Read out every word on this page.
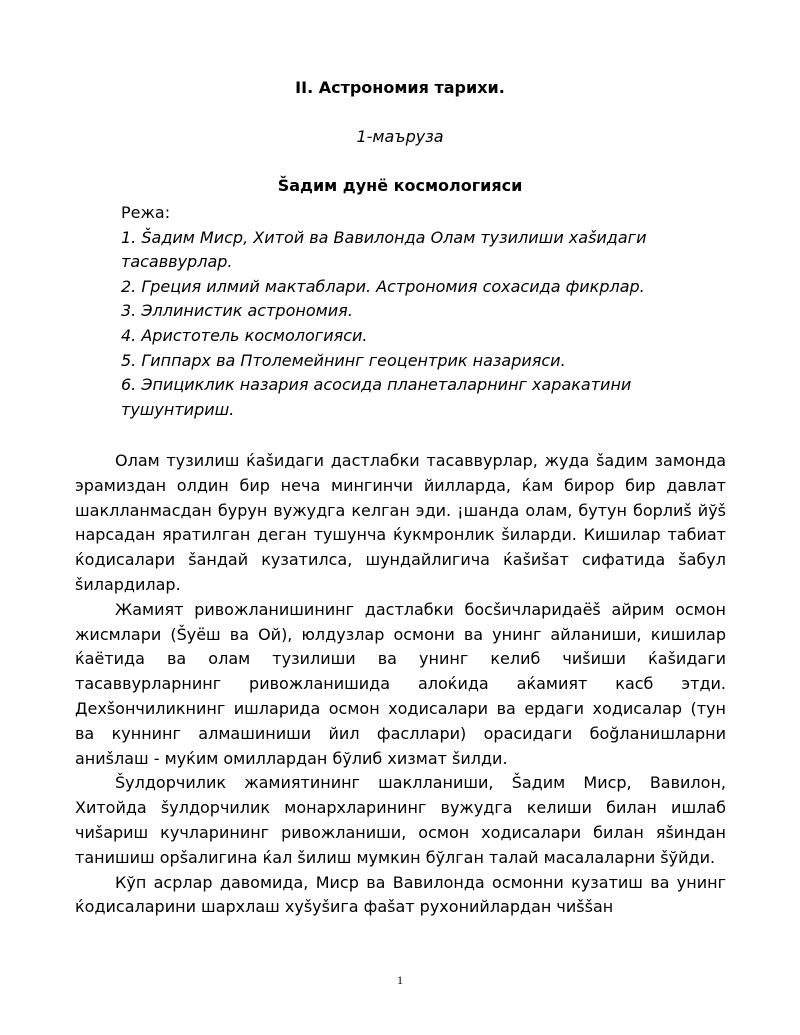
II. Астрономия тарихи.
1-маъруза
Šадим дунё космологияси
Режа:
1. Šадим Миср, Хитой ва Вавилонда Олам тузилиши хаšидаги тасаввурлар.
2. Греция илмий мактаблари. Астрономия сохасида фикрлар.
3. Эллинистик астрономия.
4. Аристотель космологияси.
5. Гиппарх ва Птолемейнинг геоцентрик назарияси.
6. Эпициклик назария асосида планеталарнинг харакатини тушунтириш.

Олам тузилиш ќаšидаги дастлабки тасаввурлар, жуда šадим замонда эрамиздан олдин бир неча мингинчи йилларда, ќам бирор бир давлат шаклланмасдан бурун вужудга келган эди. ¡шанда олам, бутун борлиš йўš нарсадан яратилган деган тушунча ќукмронлик šиларди. Кишилар табиат ќодисалари šандай кузатилса, шундайлигича ќаšиšат сифатида šабул šилардилар.

Жамият ривожланишининг дастлабки босšичларидаёš айрим осмон жисмлари (Šуёш ва Ой), юлдузлар осмони ва унинг айланиши, кишилар ќаётида ва олам тузилиши ва унинг келиб чиšиши ќаšидаги тасаввурларнинг ривожланишида алоќида аќамият касб этди. Дехšончиликнинг ишларида осмон ходисалари ва ердаги ходисалар (тун ва куннинг алмашиниши йил фасллари) орасидаги боğланишларни аниšлаш - муќим омиллардан бўлиб хизмат šилди.

Šулдорчилик жамиятининг шаклланиши, Šадим Миср, Вавилон, Хитойда šулдорчилик монархларининг вужудга келиши билан ишлаб чиšариш кучларининг ривожланиши, осмон ходисалари билан яšиндан танишиш орšалигина ќал šилиш мумкин бўлган талай масалаларни šўйди.

Кўп асрлар давомида, Миср ва Вавилонда осмонни кузатиш ва унинг ќодисаларини шархлаш хуšуšига фаšат рухонийлардан чиššан

1
